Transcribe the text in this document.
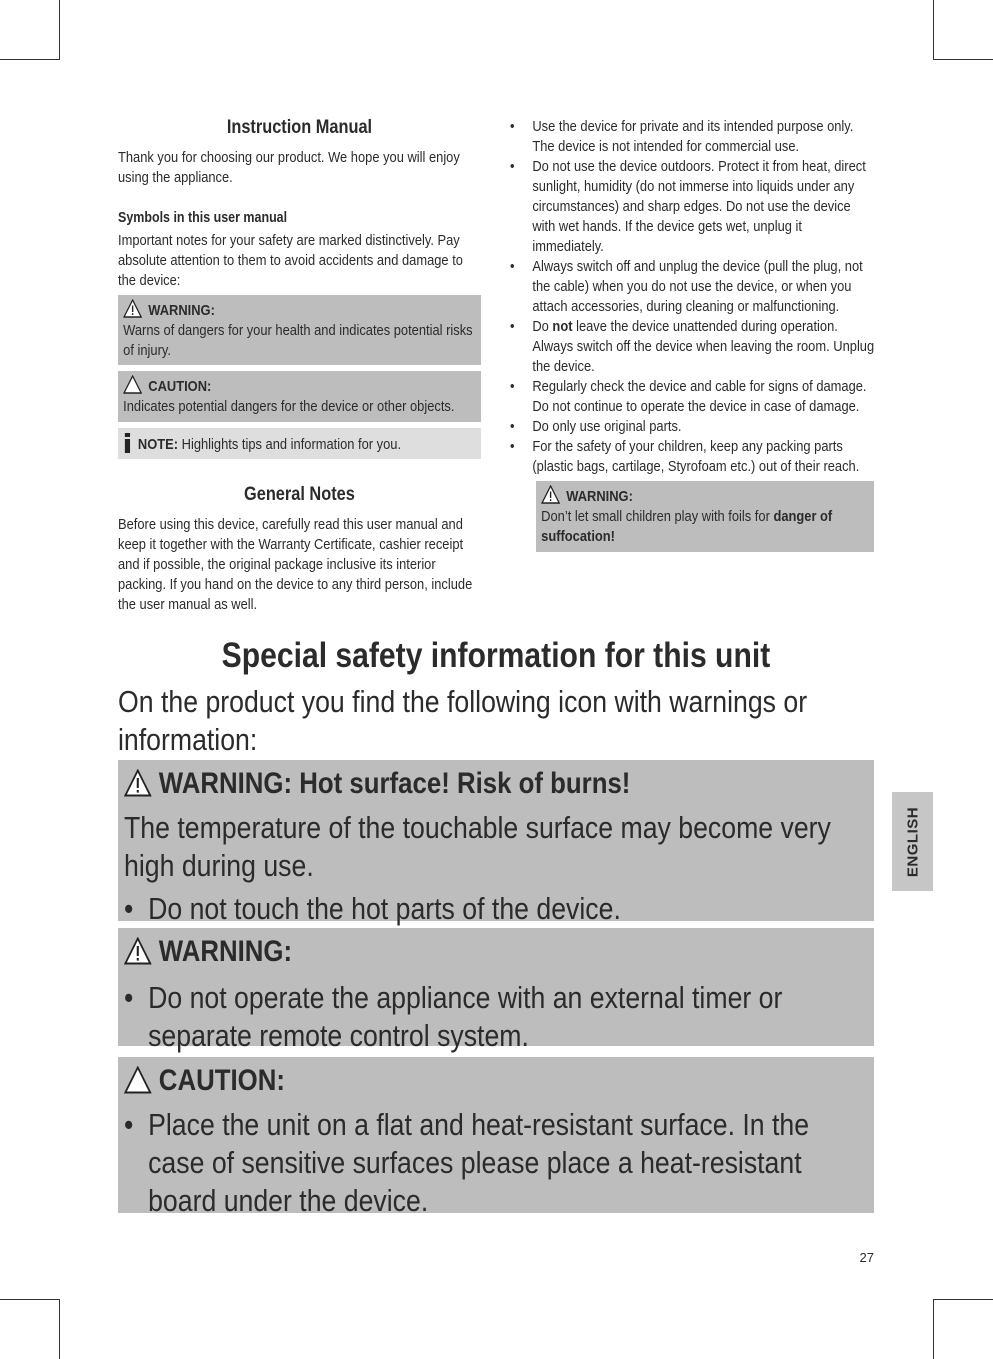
Instruction Manual

Thank you for choosing our product. We hope you will enjoy using the appliance.

Symbols in this user manual

Important notes for your safety are marked distinctively. Pay absolute attention to them to avoid accidents and damage to the device:

WARNING:
Warns of dangers for your health and indicates potential risks of injury.
CAUTION:
Indicates potential dangers for the device or other objects.
NOTE: Highlights tips and information for you.
General Notes

Before using this device, carefully read this user manual and keep it together with the Warranty Certificate, cashier receipt and if possible, the original package inclusive its interior packing. If you hand on the device to any third person, include the user manual as well.

• Use the device for private and its intended purpose only. The device is not intended for commercial use.
• Do not use the device outdoors. Protect it from heat, direct sunlight, humidity (do not immerse into liquids under any circumstances) and sharp edges. Do not use the device with wet hands. If the device gets wet, unplug it immediately.
• Always switch off and unplug the device (pull the plug, not the cable) when you do not use the device, or when you attach accessories, during cleaning or malfunctioning.
• Do not leave the device unattended during operation. Always switch off the device when leaving the room. Unplug the device.
• Regularly check the device and cable for signs of damage. Do not continue to operate the device in case of damage.
• Do only use original parts.
• For the safety of your children, keep any packing parts (plastic bags, cartilage, Styrofoam etc.) out of their reach.
WARNING:
Don’t let small children play with foils for danger of suffocation!
Special safety information for this unit

On the product you find the following icon with warnings or information:

WARNING: Hot surface! Risk of burns!
The temperature of the touchable surface may become very high during use.
• Do not touch the hot parts of the device.
WARNING:
• Do not operate the appliance with an external timer or separate remote control system.
CAUTION:
• Place the unit on a flat and heat-resistant surface. In the case of sensitive surfaces please place a heat-resistant board under the device.
ENGLISH
27
